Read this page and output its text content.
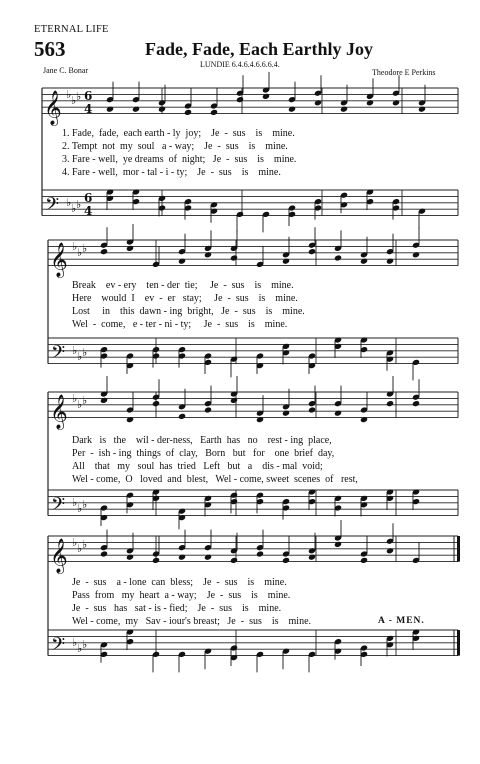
ETERNAL LIFE
563	Fade, Fade, Each Earthly Joy
LUNDIE 6.4.6.4.6.6.6.4.
Jane C. Bonar	Theodore E Perkins
𝄞
𝄢
♭
♭
♭
♭
♭
♭
6
4
6
4
𝄞
𝄢
♭
♭
♭
♭
♭
♭
𝄞
𝄢
♭
♭
♭
♭
♭
♭
𝄞
𝄢
♭
♭
♭
♭
♭
♭
1. Fade,  fade,  each earth - ly  joy;    Je  -  sus    is    mine.
2. Tempt  not  my  soul   a - way;    Je  -  sus    is    mine.
3. Fare - well,  ye dreams  of  night;   Je  -  sus    is    mine.
4. Fare - well,  mor - tal - i - ty;    Je  -  sus    is    mine.
Break    ev - ery    ten - der  tie;     Je  -  sus    is    mine.
Here    would  I    ev  -  er   stay;     Je  -  sus    is    mine.
Lost     in    this  dawn - ing  bright,   Je  -  sus    is    mine.
Wel  -  come,   e - ter - ni - ty;     Je  -  sus    is    mine.
Dark   is   the    wil - der-ness,   Earth  has   no    rest - ing  place,
Per  -  ish - ing  things  of  clay,   Born   but   for    one  brief  day,
All    that   my   soul  has  tried   Left   but   a    dis - mal  void;
Wel - come,  O   loved  and  blest,   Wel - come, sweet  scenes  of   rest,
Je  -  sus    a - lone  can  bless;    Je  -  sus    is    mine.
Pass  from   my  heart  a - way;    Je  -  sus    is    mine.
Je  -  sus   has   sat - is - fied;    Je  -  sus    is    mine.
Wel - come,  my   Sav - iour's breast;   Je  -  sus    is    mine.	A - MEN.
